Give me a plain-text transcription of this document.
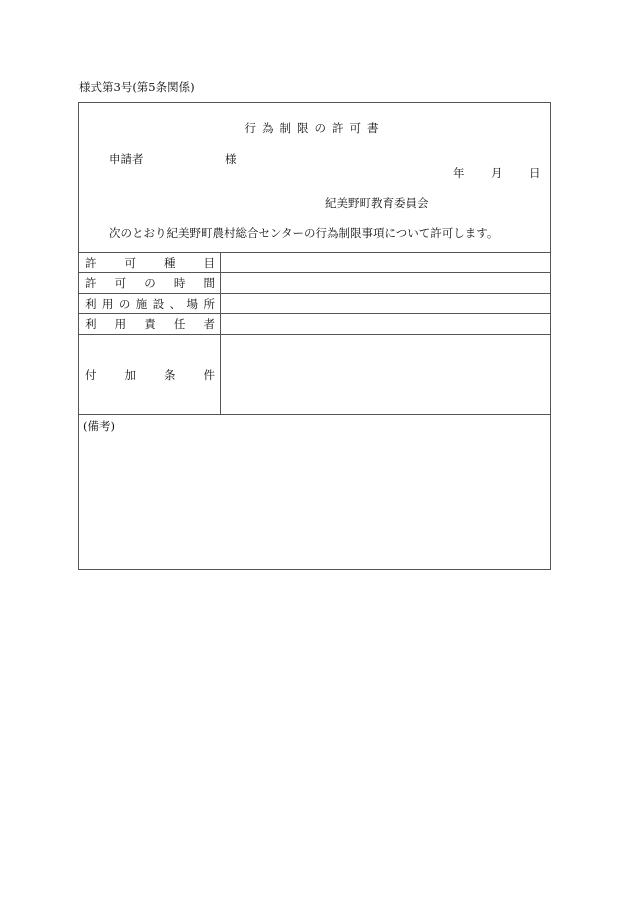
様式第3号(第5条関係)
行為制限の許可書
申請者	様
年 月 日
紀美野町教育委員会
次のとおり紀美野町農村総合センターの行為制限事項について許可します。
許 可 種 目
許 可 の 時 間
利 用 の 施 設 、 場 所
利 用 責 任 者
付 加 条 件
(備考)
